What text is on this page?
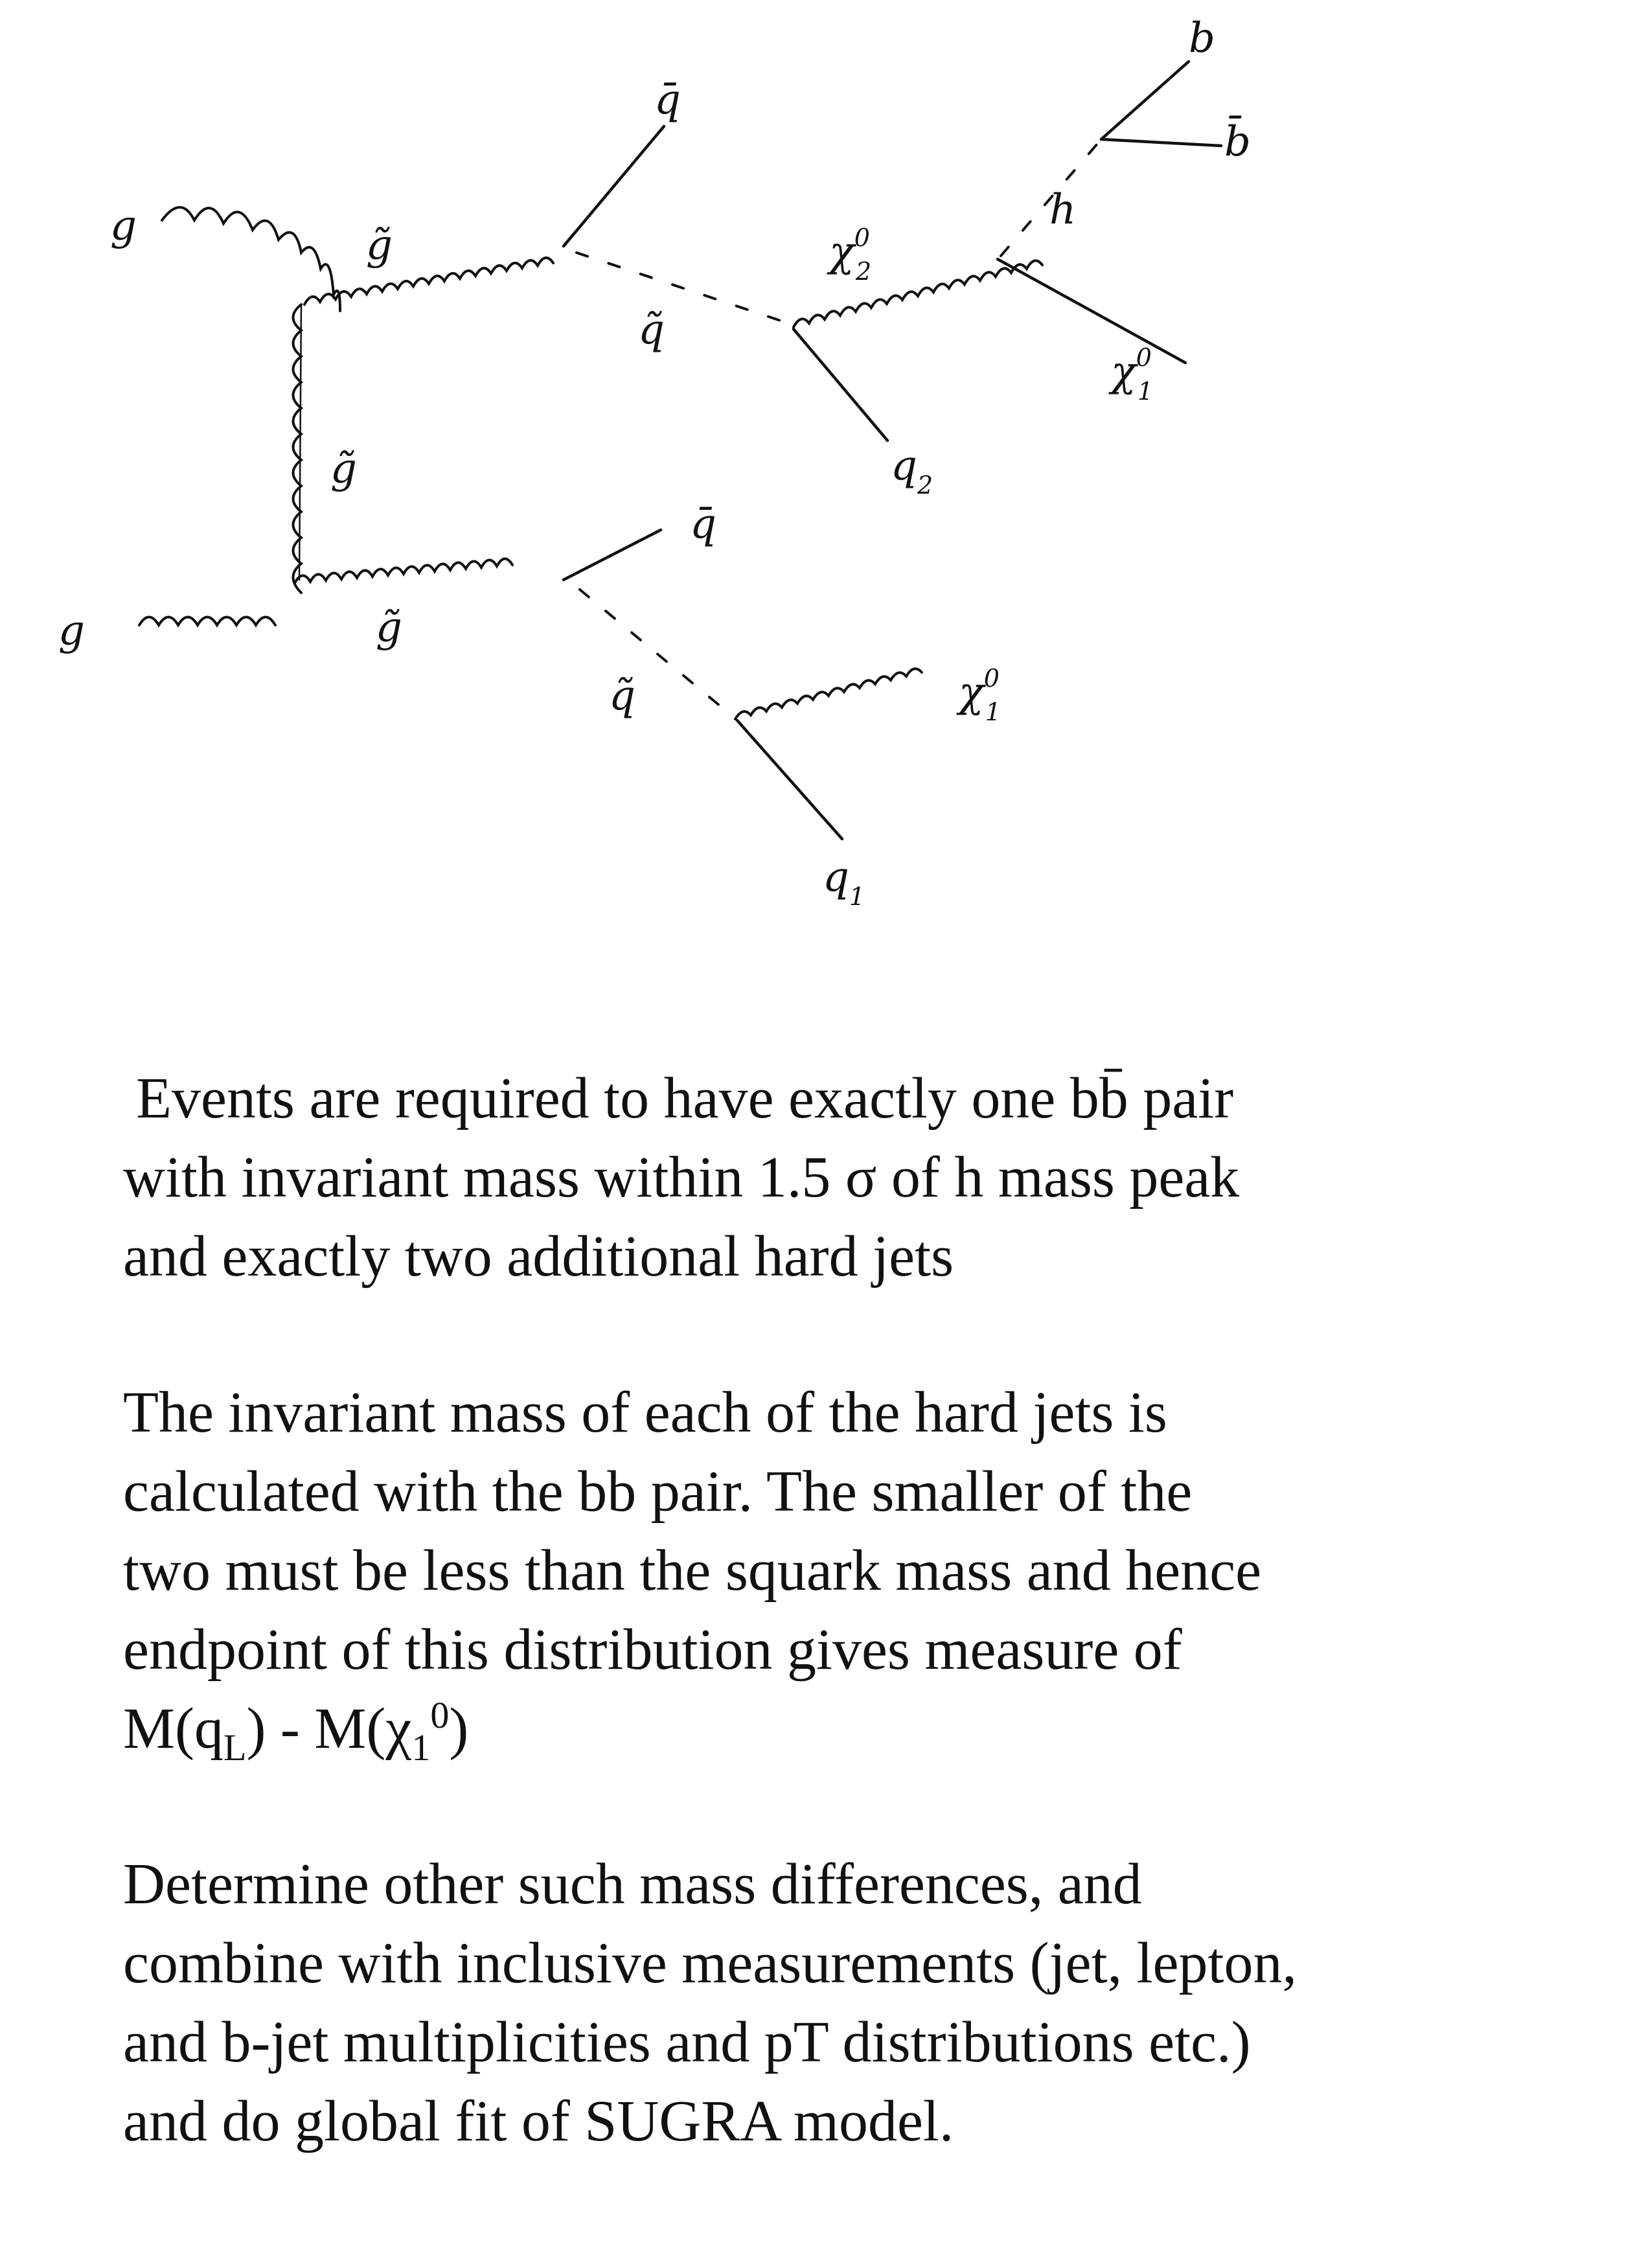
g
g
g̃
g̃
g̃
q̄
q̄
q̃
q̃
$\chi^0$ 2
h
b
b̄
$\chi^0$ 1
$q_2$
$\chi^0$ 1
$q_1$
Events are required to have exactly one bb̄ pair
with invariant mass within 1.5 σ of h mass peak
and exactly two additional hard jets
The invariant mass of each of the hard jets is
calculated with the bb pair. The smaller of the
two must be less than the squark mass and hence
endpoint of this distribution gives measure of
$M(q_L) - M(\chi_1^0)$
Determine other such mass differences, and
combine with inclusive measurements (jet, lepton,
and b-jet multiplicities and pT distributions etc.)
and do global fit of SUGRA model.
